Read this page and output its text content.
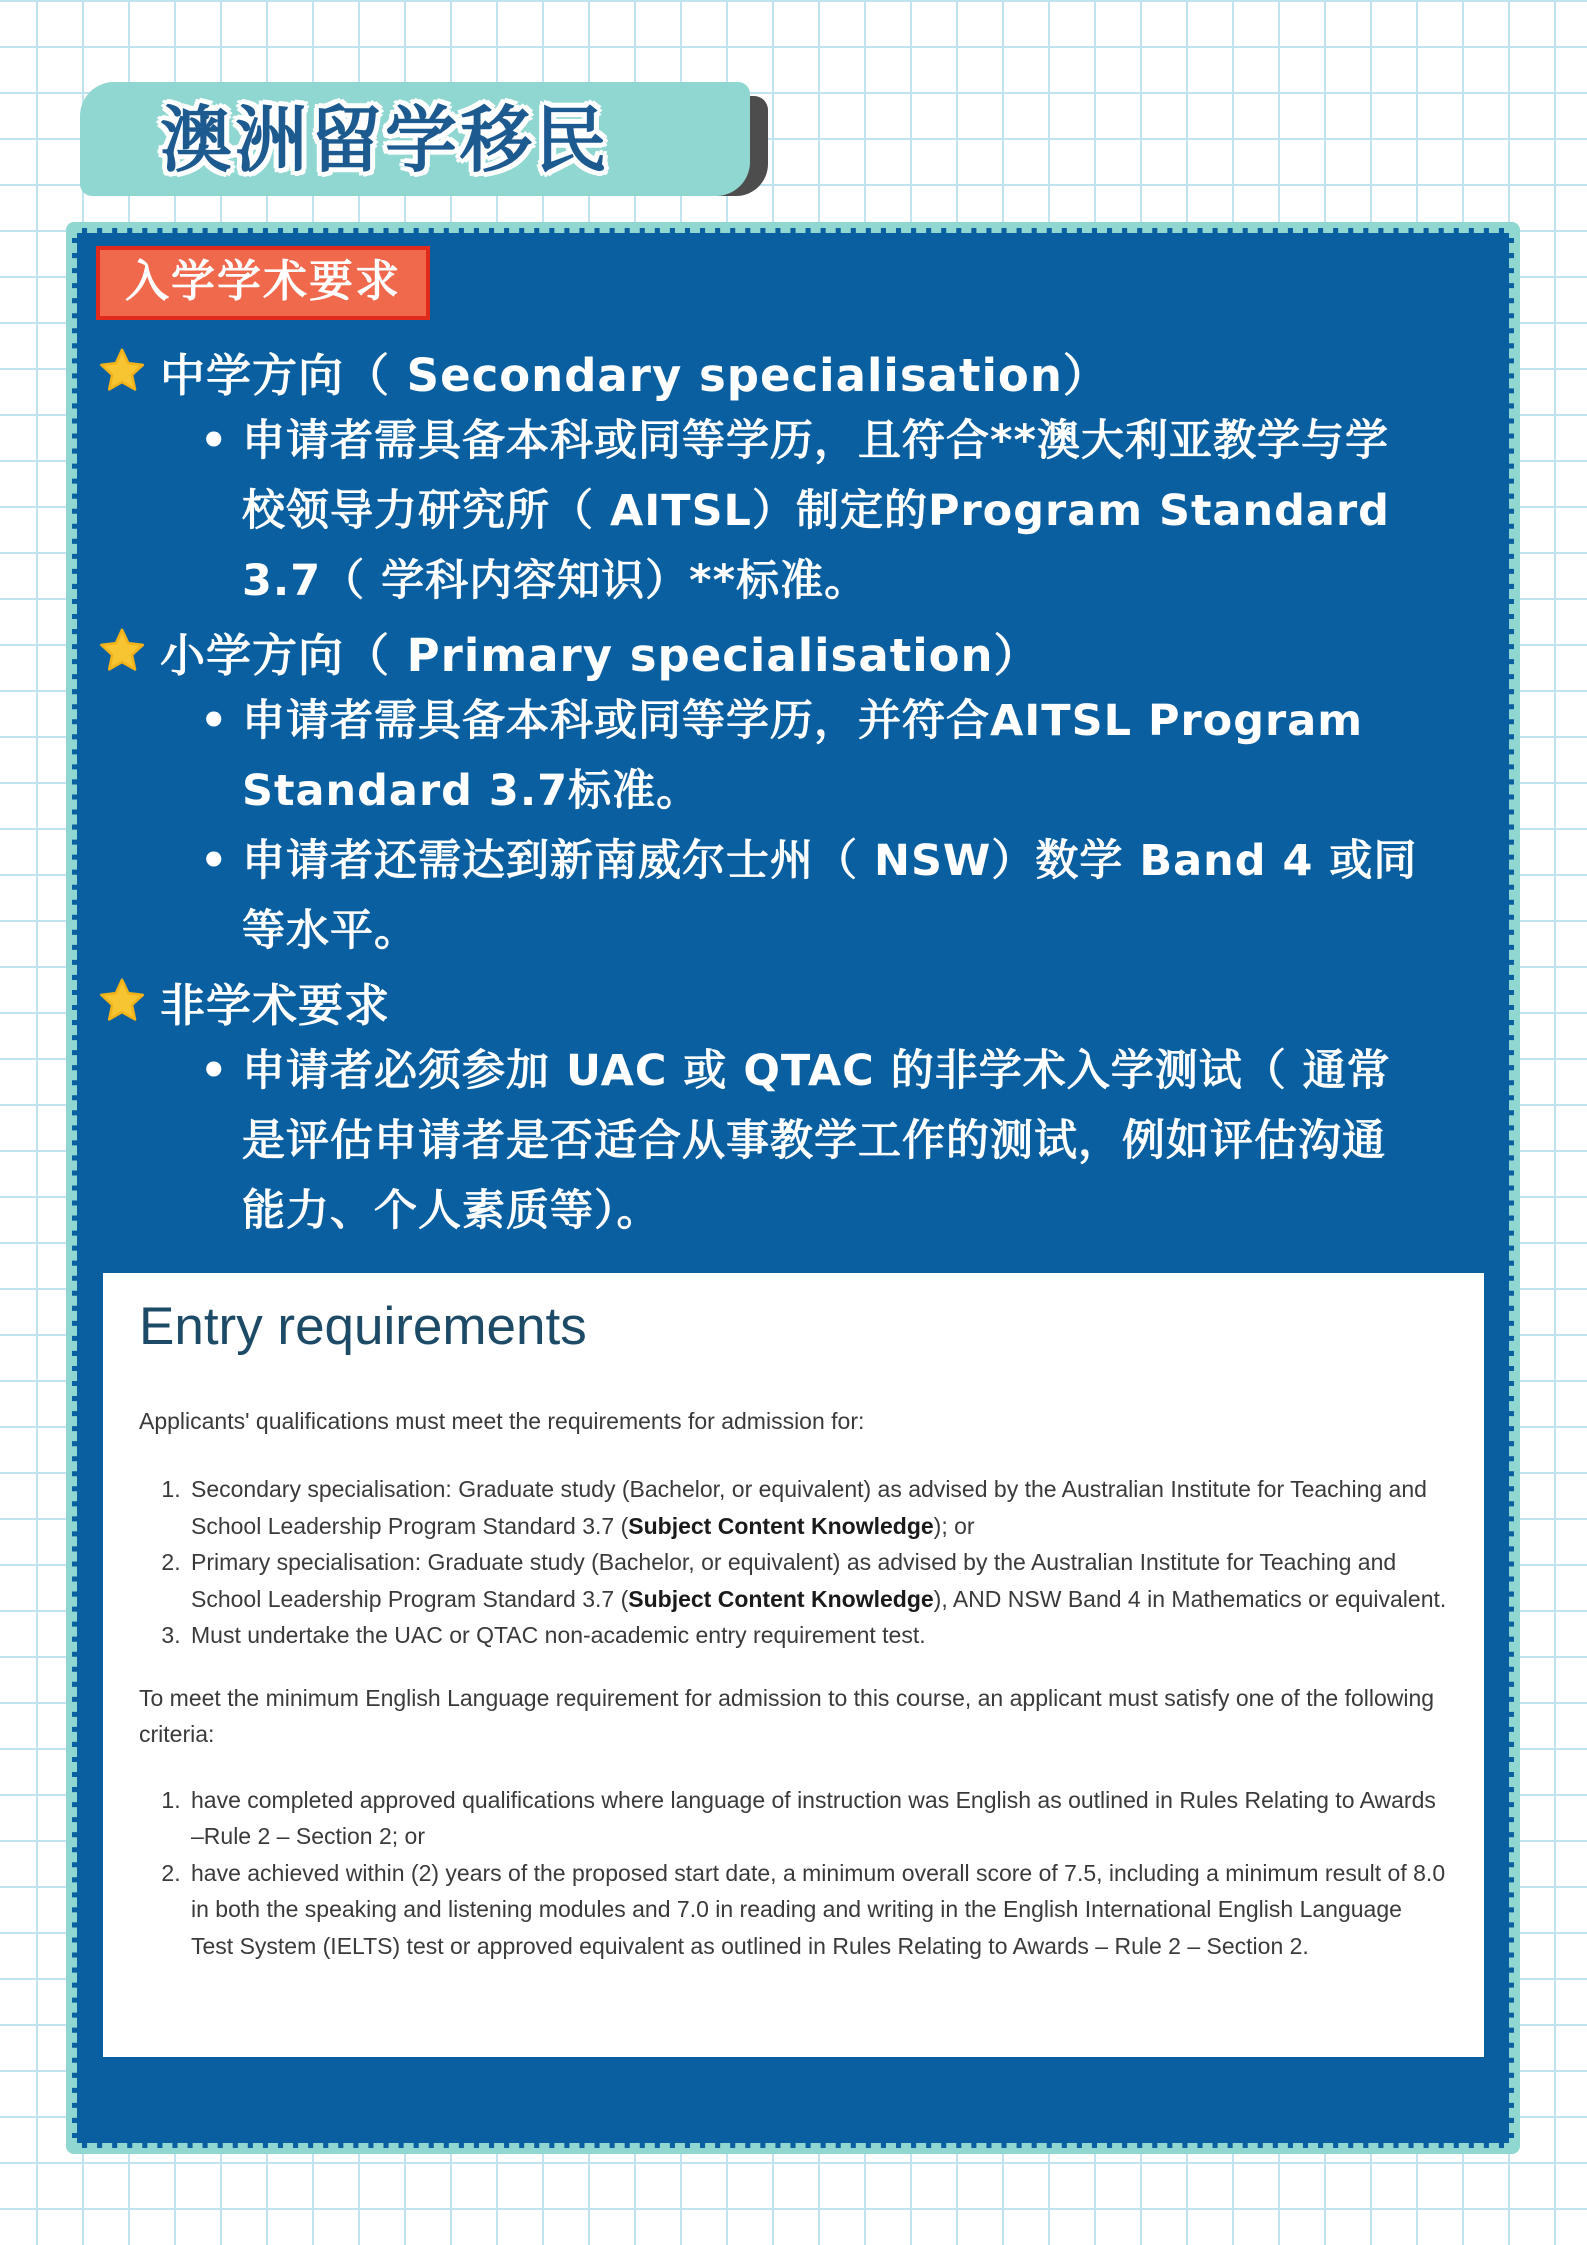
澳洲留学移民
入学学术要求
中学方向（ Secondary specialisation）
• 申请者需具备本科或同等学历，且符合**澳大利亚教学与学
校领导力研究所（ AITSL）制定的Program Standard
3.7（ 学科内容知识）**标准。
小学方向（ Primary specialisation）
• 申请者需具备本科或同等学历，并符合AITSL Program
Standard 3.7标准。
• 申请者还需达到新南威尔士州（ NSW）数学 Band 4 或同
等水平。
非学术要求
• 申请者必须参加 UAC 或 QTAC 的非学术入学测试（ 通常
是评估申请者是否适合从事教学工作的测试，例如评估沟通
能力、个人素质等）。
Entry requirements

Applicants' qualifications must meet the requirements for admission for:

1. Secondary specialisation: Graduate study (Bachelor, or equivalent) as advised by the Australian Institute for Teaching and School Leadership Program Standard 3.7 (Subject Content Knowledge); or
2. Primary specialisation: Graduate study (Bachelor, or equivalent) as advised by the Australian Institute for Teaching and School Leadership Program Standard 3.7 (Subject Content Knowledge), AND NSW Band 4 in Mathematics or equivalent.
3. Must undertake the UAC or QTAC non-academic entry requirement test.

To meet the minimum English Language requirement for admission to this course, an applicant must satisfy one of the following criteria:

1. have completed approved qualifications where language of instruction was English as outlined in Rules Relating to Awards –Rule 2 – Section 2; or
2. have achieved within (2) years of the proposed start date, a minimum overall score of 7.5, including a minimum result of 8.0 in both the speaking and listening modules and 7.0 in reading and writing in the English International English Language Test System (IELTS) test or approved equivalent as outlined in Rules Relating to Awards – Rule 2 – Section 2.
